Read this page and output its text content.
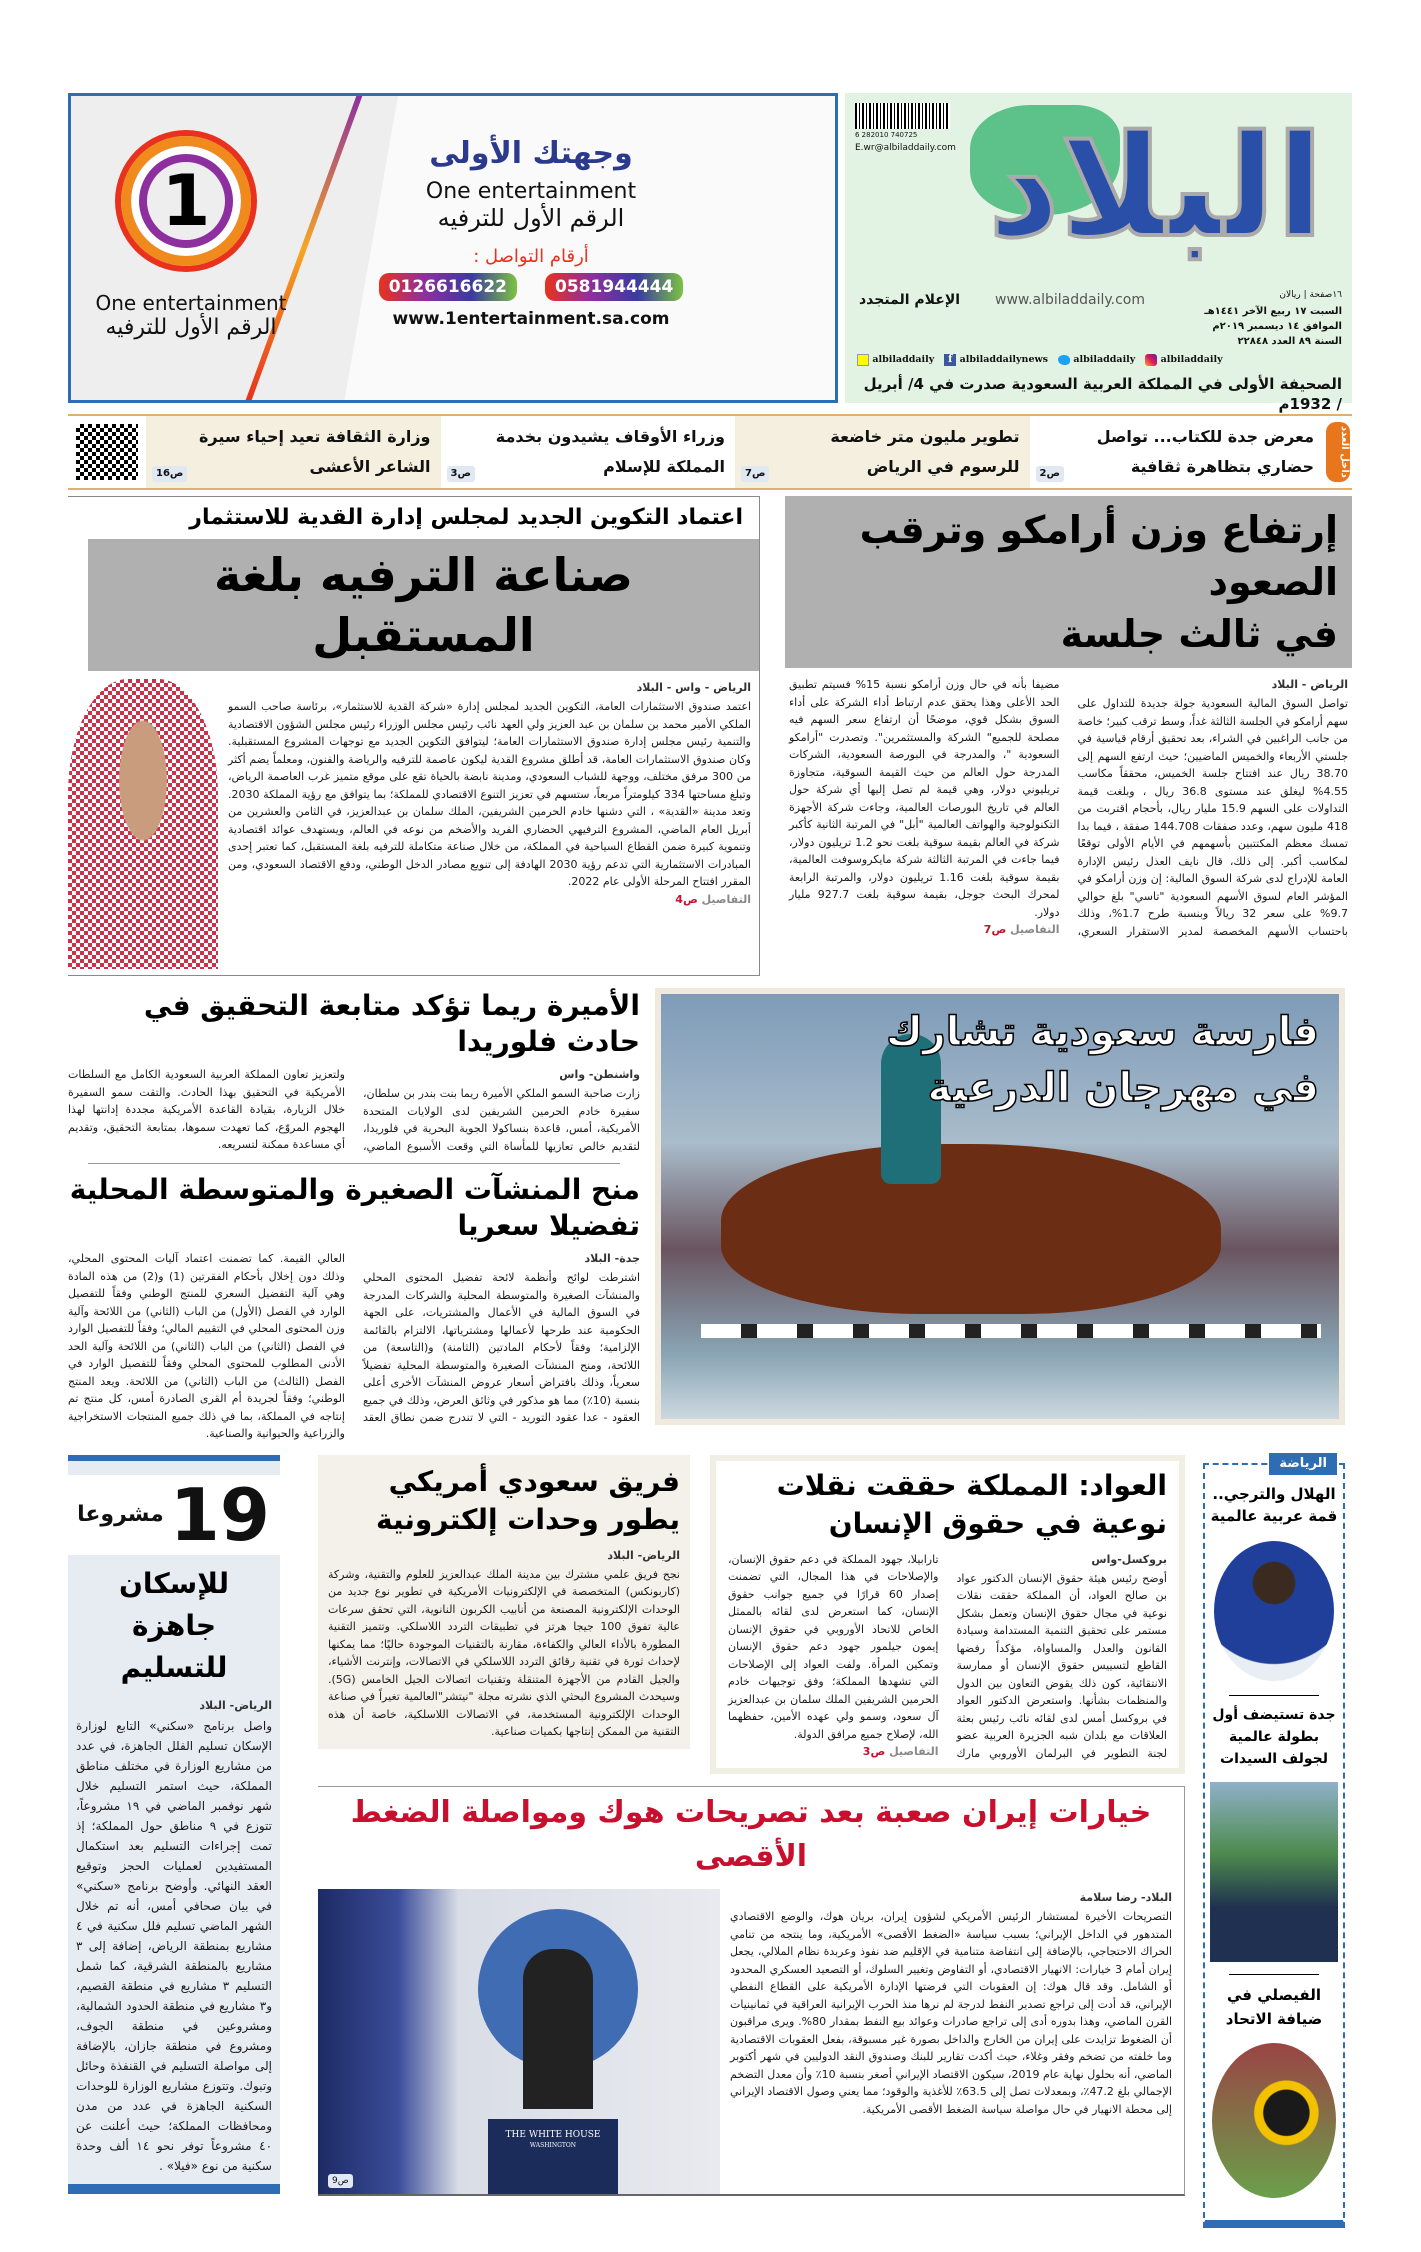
1
One entertainment
الرقم الأول للترفيه
وجهتك الأولى
One entertainment
الرقم الأول للترفيه
أرقام التواصل :
0126616622	0581944444
www.1entertainment.sa.com
6 282010 740725
E.wr@albiladdaily.com البلاد
١٦صفحة | ريالان
السبت ١٧ ربيع الآخر ١٤٤١هـ
الموافق ١٤ ديسمبر ٢٠١٩م
السنة ٨٩ العدد ٢٢٨٤٨
www.albiladdaily.com
الإعلام المتجدد
albiladdaily
albiladdaily
f albiladdailynews
albiladdaily
الصحيفة الأولى في المملكة العربية السعودية صدرت في 4/ أبريل / 1932م
داخل العدد
معرض جدة للكتاب... تواصل حضاري بتظاهرة ثقافية
ص2
تطوير مليون متر خاضعة للرسوم في الرياض
ص7
وزراء الأوقاف يشيدون بخدمة المملكة للإسلام
ص3
وزارة الثقافة تعيد إحياء سيرة الشاعر الأعشى
ص16
اعتماد التكوين الجديد لمجلس إدارة القدية للاستثمار
صناعة الترفيه بلغة المستقبل
الرياض - واس - البلاد
اعتمد صندوق الاستثمارات العامة، التكوين الجديد لمجلس إدارة «شركة القدية للاستثمار»، برئاسة صاحب السمو الملكي الأمير محمد بن سلمان بن عبد العزيز ولي العهد نائب رئيس مجلس الوزراء رئيس مجلس الشؤون الاقتصادية والتنمية رئيس مجلس إدارة صندوق الاستثمارات العامة؛ ليتوافق التكوين الجديد مع توجهات المشروع المستقبلية. وكان صندوق الاستثمارات العامة، قد أطلق مشروع القدية ليكون عاصمة للترفيه والرياضة والفنون، ومعلماً يضم أكثر من 300 مرفق مختلف، ووجهة للشباب السعودي، ومدينة نابضة بالحياة تقع على موقع متميز غرب العاصمة الرياض، وتبلغ مساحتها 334 كيلومتراً مربعاً، ستسهم في تعزيز التنوع الاقتصادي للمملكة؛ بما يتوافق مع رؤية المملكة 2030. وتعد مدينة «القدية» ، التي دشنها خادم الحرمين الشريفين، الملك سلمان بن عبدالعزيز، في الثامن والعشرين من أبريل العام الماضي، المشروع الترفيهي الحضاري الفريد والأضخم من نوعه في العالم، ويستهدف عوائد اقتصادية وتنموية كبيرة ضمن القطاع السياحية في المملكة، من خلال صناعة متكاملة للترفيه بلغة المستقبل، كما تعتبر إحدى المبادرات الاستثمارية التي تدعم رؤية 2030 الهادفة إلى تنويع مصادر الدخل الوطني، ودفع الاقتصاد السعودي، ومن المقرر افتتاح المرحلة الأولى عام 2022.
التفاصيل ص4
إرتفاع وزن أرامكو وترقب الصعود
في ثالث جلسة
الرياض - البلاد
تواصل السوق المالية السعودية جولة جديدة للتداول على سهم أرامكو في الجلسة الثالثة غداً، وسط ترقب كبير؛ خاصة من جانب الراغبين في الشراء، بعد تحقيق أرقام قياسية في جلستي الأربعاء والخميس الماضيين؛ حيث ارتفع السهم إلى 38.70 ريال عند افتتاح جلسة الخميس، محققاً مكاسب 4.55% ليغلق عند مستوى 36.8 ريال ، وبلغت قيمة التداولات على السهم 15.9 مليار ريال، بأحجام اقتربت من 418 مليون سهم، وعدد صفقات 144.708 صفقة ، فيما بدا تمسك معظم المكتتبين بأسهمهم في الأيام الأولى توقعًا لمكاسب أكبر. إلى ذلك، قال نايف العذل رئيس الإدارة العامة للإدراج لدى شركة السوق المالية: إن وزن أرامكو في المؤشر العام لسوق الأسهم السعودية "تاسي" بلغ حوالي 9.7% على سعر 32 ريالاً وبنسبة طرح 1.7%، وذلك باحتساب الأسهم المخصصة لمدير الاستقرار السعري، مضيفا بأنه في حال وزن أرامكو نسبة 15% فسيتم تطبيق الحد الأعلى وهذا يحقق عدم ارتباط أداء الشركة على أداء السوق بشكل قوي، موضحًا أن ارتفاع سعر السهم فيه مصلحة للجميع" الشركة والمستثمرين". وتصدرت "أرامكو السعودية "، والمدرجة في البورصة السعودية، الشركات المدرجة حول العالم من حيث القيمة السوقية، متجاوزة تريليوني دولار، وهي قيمة لم تصل إليها أي شركة حول العالم في تاريخ البورصات العالمية، وجاءت شركة الأجهزة التكنولوجية والهواتف العالمية "أبل" في المرتبة الثانية كأكبر شركة في العالم بقيمة سوقية بلغت نحو 1.2 تريليون دولار، فيما جاءت في المرتبة الثالثة شركة مايكروسوفت العالمية، بقيمة سوقية بلغت 1.16 تريليون دولار، والمرتبة الرابعة لمحرك البحث جوجل، بقيمة سوقية بلغت 927.7 مليار دولار.
التفاصيل ص7
الأميرة ريما تؤكد متابعة التحقيق في حادث فلوريدا
واشنطن- واس
زارت صاحبة السمو الملكي الأميرة ريما بنت بندر بن سلطان، سفيرة خادم الحرمين الشريفين لدى الولايات المتحدة الأمريكية، أمس، قاعدة بنساكولا الجوية البحرية في فلوريدا، لتقديم خالص تعازيها للمأساة التي وقعت الأسبوع الماضي، ولتعزيز تعاون المملكة العربية السعودية الكامل مع السلطات الأمريكية في التحقيق بهذا الحادث. والتقت سمو السفيرة خلال الزيارة، بقيادة القاعدة الأمريكية مجددة إدانتها لهذا الهجوم المروّع، كما تعهدت سموها، بمتابعة التحقيق، وتقديم أي مساعدة ممكنة لتسريعه.
منح المنشآت الصغيرة والمتوسطة المحلية تفضيلا سعريا
جدة- البلاد
اشترطت لوائح وأنظمة لائحة تفضيل المحتوى المحلي والمنشآت الصغيرة والمتوسطة المحلية والشركات المدرجة في السوق المالية في الأعمال والمشتريات، على الجهة الحكومية عند طرحها لأعمالها ومشترياتها، الالتزام بالقائمة الإلزامية؛ وفقاً لأحكام المادتين (الثامنة) و(التاسعة) من اللائحة، ومنح المنشآت الصغيرة والمتوسطة المحلية تفضيلاً سعرياً، وذلك بافتراض أسعار عروض المنشآت الأخرى أعلى بنسبة (10٪) مما هو مذكور في وثائق العرض، وذلك في جميع العقود - عدا عقود التوريد - التي لا تندرج ضمن نطاق العقد العالي القيمة. كما تضمنت اعتماد آليات المحتوى المحلي، وذلك دون إخلال بأحكام الفقرتين (1) و(2) من هذه المادة وهي آلية التفضيل السعري للمنتج الوطني وفقاً للتفصيل الوارد في الفصل (الأول) من الباب (الثاني) من اللائحة وآلية وزن المحتوى المحلي في التقييم المالي؛ وفقاً للتفصيل الوارد في الفصل (الثاني) من الباب (الثاني) من اللائحة وآلية الحد الأدنى المطلوب للمحتوى المحلي وفقاً للتفصيل الوارد في الفصل (الثالث) من الباب (الثاني) من اللائحة. ويعد المنتج الوطني؛ وفقاً لجريدة أم القرى الصادرة أمس، كل منتج تم إنتاجه في المملكة، بما في ذلك جميع المنتجات الاستخراجية والزراعية والحيوانية والصناعية.
فارسة سعودية تشارك
في مهرجان الدرعية
19
مشروعا
للإسكان جاهزة للتسليم
الرياض- البلاد
واصل برنامج «سكني» التابع لوزارة الإسكان تسليم الفلل الجاهزة، في عدد من مشاريع الوزارة في مختلف مناطق المملكة، حيث استمر التسليم خلال شهر نوفمبر الماضي في ١٩ مشروعاً، تتوزع في ٩ مناطق حول المملكة؛ إذ تمت إجراءات التسليم بعد استكمال المستفيدين لعمليات الحجز وتوقيع العقد النهائي. وأوضح برنامج «سكني» في بيان صحافي أمس، أنه تم خلال الشهر الماضي تسليم فلل سكنية في ٤ مشاريع بمنطقة الرياض، إضافة إلى ٣ مشاريع بالمنطقة الشرقية، كما شمل التسليم ٣ مشاريع في منطقة القصيم، و٣ مشاريع في منطقة الحدود الشمالية، ومشروعين في منطقة الجوف، ومشروع في منطقة جازان، بالإضافة إلى مواصلة التسليم في القنفذة وحائل وتبوك. وتتوزع مشاريع الوزارة للوحدات السكنية الجاهزة في عدد من مدن ومحافظات المملكة؛ حيث أعلنت عن ٤٠ مشروعاً توفر نحو ١٤ ألف وحدة سكنية من نوع «فيلا» .
فريق سعودي أمريكي يطور وحدات إلكترونية
الرياض- البلاد
نجح فريق علمي مشترك بين مدينة الملك عبدالعزيز للعلوم والتقنية، وشركة (كاربونكس) المتخصصة في الإلكترونيات الأمريكية في تطوير نوع جديد من الوحدات الإلكترونية المصنعة من أنابيب الكربون النانوية، التي تحقق سرعات عالية تفوق 100 جيجا هرتز في تطبيقات التردد اللاسلكي. وتتميز التقنية المطورة بالأداء العالي والكفاءة، مقارنة بالتقنيات الموجودة حاليًا؛ مما يمكنها لإحداث ثورة في تقنية رقائق التردد اللاسلكي في الاتصالات، وإنترنت الأشياء، والجيل القادم من الأجهزة المتنقلة وتقنيات اتصالات الجيل الخامس (5G). وسيحدث المشروع البحثي الذي نشرته مجلة "نيتشر"العالمية تغيراً في صناعة الوحدات الإلكترونية المستخدمة، في الاتصالات اللاسلكية، خاصة أن هذه التقنية من الممكن إنتاجها بكميات صناعية.
العواد: المملكة حققت نقلات نوعية في حقوق الإنسان
بروكسل-واس
أوضح رئيس هيئة حقوق الإنسان الدكتور عواد بن صالح العواد، أن المملكة حققت نقلات نوعية في مجال حقوق الإنسان وتعمل بشكل مستمر على تحقيق التنمية المستدامة وسيادة القانون والعدل والمساواة، مؤكداً رفضها القاطع لتسييس حقوق الإنسان أو ممارسة الانتقائية، كون ذلك يقوض التعاون بين الدول والمنظمات بشأنها. واستعرض الدكتور العواد في بروكسل أمس لدى لقائه نائب رئيس بعثة العلاقات مع بلدان شبه الجزيرة العربية عضو لجنة التطوير في البرلمان الأوروبي مارك تارابيلا، جهود المملكة في دعم حقوق الإنسان، والإصلاحات في هذا المجال، التي تضمنت إصدار 60 قرارًا في جميع جوانب حقوق الإنسان، كما استعرض لدى لقائه بالممثل الخاص للاتحاد الأوروبي في حقوق الإنسان إيمون جيلمور جهود دعم حقوق الإنسان وتمكين المرأة. ولفت العواد إلى الإصلاحات التي تشهدها المملكة؛ وفق توجيهات خادم الحرمين الشريفين الملك سلمان بن عبدالعزيز آل سعود، وسمو ولي عهده الأمين، حفظهما الله، لإصلاح جميع مرافق الدولة.
التفاصيل ص3
خيارات إيران صعبة بعد تصريحات هوك ومواصلة الضغط الأقصى
THE WHITE HOUSE
WASHINGTON
ص9
البلاد- رضا سلامة
التصريحات الأخيرة لمستشار الرئيس الأمريكي لشؤون إيران، بريان هوك، والوضع الاقتصادي المتدهور في الداخل الإيراني؛ بسبب سياسة «الضغط الأقصى» الأمريكية، وما ينتجه من تنامي الحراك الاحتجاجي، بالإضافة إلى انتفاضة متنامية في الإقليم ضد نفوذ وعربدة نظام الملالي، يجعل إيران أمام 3 خيارات: الانهيار الاقتصادي، أو التفاوض وتغيير السلوك، أو التصعيد العسكري المحدود أو الشامل. وقد قال هوك: إن العقوبات التي فرضتها الإدارة الأمريكية على القطاع النفطي الإيراني، قد أدت إلى تراجع تصدير النفط لدرجة لم نرها منذ الحرب الإيرانية العراقية في ثمانينيات القرن الماضي، وهذا بدوره أدى إلى تراجع صادرات وعوائد بيع النفط بمقدار 80%. ويرى مراقبون أن الضغوط تزايدت على إيران من الخارج والداخل بصورة غير مسبوقة، بفعل العقوبات الاقتصادية وما خلفته من تضخم وفقر وغلاء، حيث أكدت تقارير للبنك وصندوق النقد الدوليين في شهر أكتوبر الماضي، أنه بحلول نهاية عام 2019، سيكون الاقتصاد الإيراني أصغر بنسبة 10٪ وأن معدل التضخم الإجمالي بلغ 47.2٪، وبمعدلات تصل إلى 63.5٪ للأغذية والوقود؛ مما يعني وصول الاقتصاد الإيراني إلى محطة الانهيار في حال مواصلة سياسة الضغط الأقصى الأمريكية.
الرياضة
الهلال والترجي.. قمة عربية عالمية
جدة تستيضف أول بطولة عالمية لجولف السيدات
الفيصلي في ضيافة الاتحاد
